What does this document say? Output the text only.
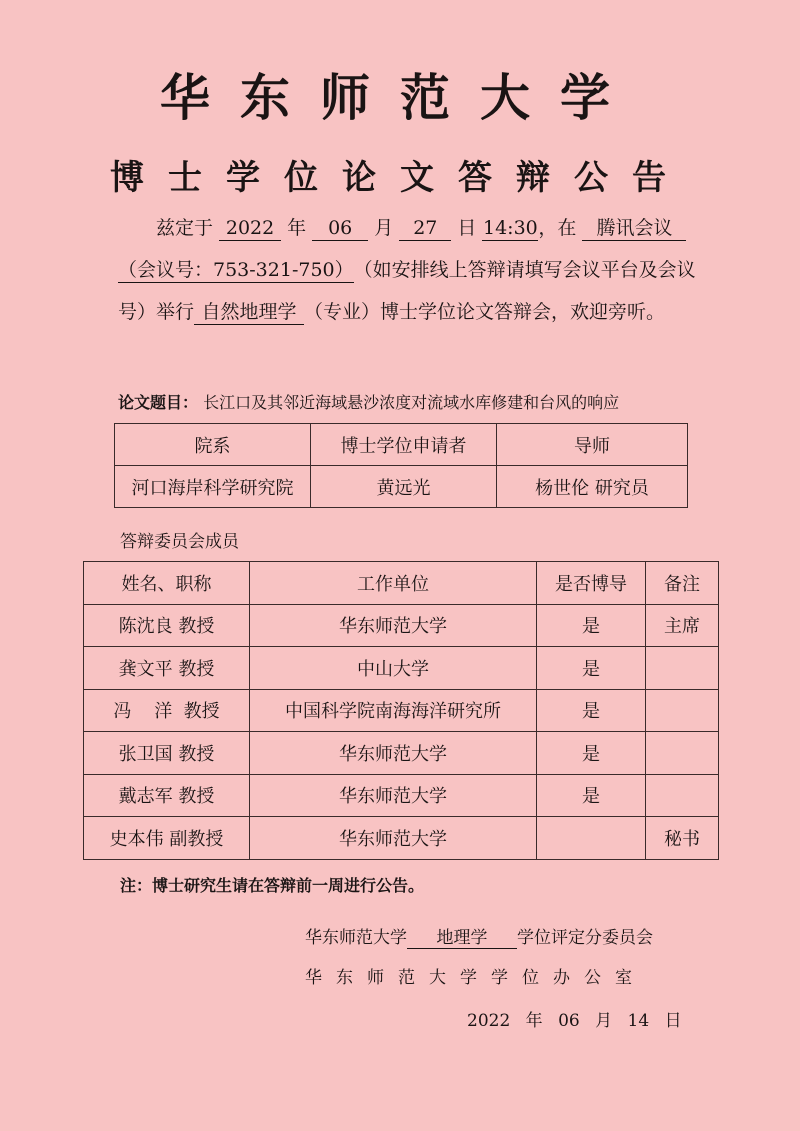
华东师范大学
博士学位论文答辩公告
兹定于 2022 年 06 月 27 日 14:30，在 腾讯会议
（会议号：753-321-750）（如安排线上答辩请填写会议平台及会议号）举行 自然地理学 （专业）博士学位论文答辩会，欢迎旁听。
论文题目： 长江口及其邻近海域悬沙浓度对流域水库修建和台风的响应
院系	博士学位申请者	导师
河口海岸科学研究院	黄远光	杨世伦 研究员
答辩委员会成员
姓名、职称	工作单位	是否博导	备注
陈沈良 教授	华东师范大学	是	主席
龚文平 教授	中山大学	是	
冯    洋  教授	中国科学院南海海洋研究所	是	
张卫国 教授	华东师范大学	是	
戴志军 教授	华东师范大学	是	
史本伟 副教授	华东师范大学		秘书
注：博士研究生请在答辩前一周进行公告。
华东师范大学 地理学 学位评定分委员会
华东师范大学学位办公室
2022 年 06 月 14 日
